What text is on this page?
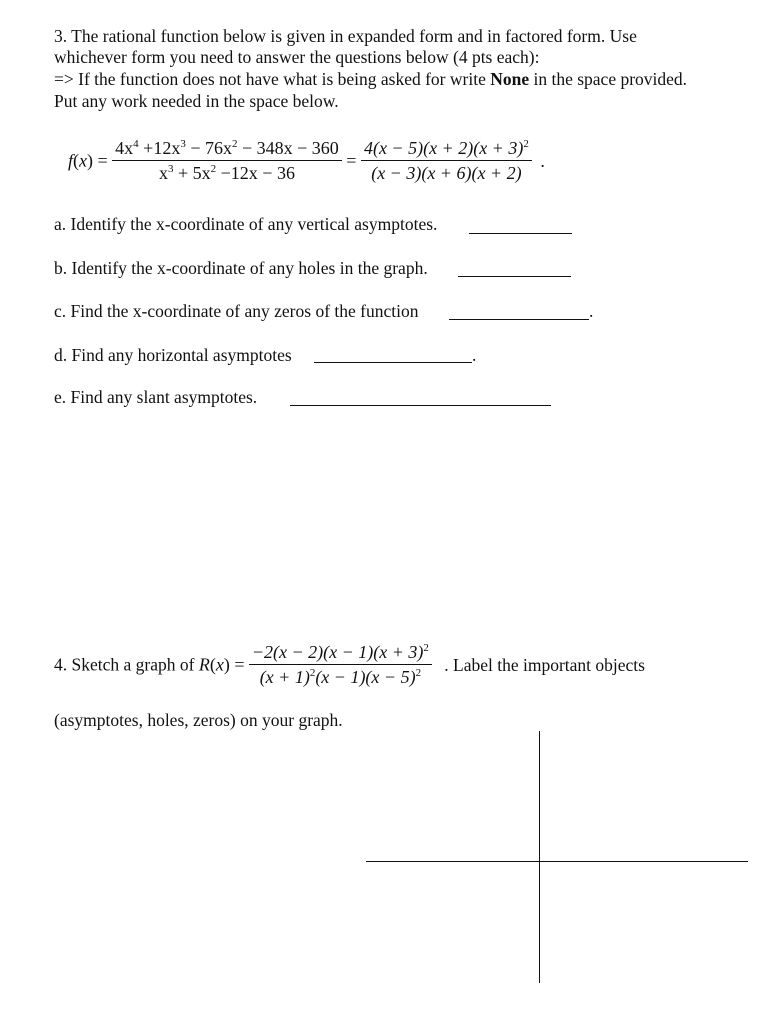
3. The rational function below is given in expanded form and in factored form. Use

whichever form you need to answer the questions below (4 pts each):

=> If the function does not have what is being asked for write None in the space provided.

Put any work needed in the space below.

$f(x) = \frac{4x^4 +12x^3 - 76x^2 - 348x - 360}{x^3 + 5x^2 -12x - 36} = \frac{4(x - 5)(x + 2)(x + 3)^2}{(x - 3)(x + 6)(x + 2)}$ .
a. Identify the x-coordinate of any vertical asymptotes.
b. Identify the x-coordinate of any holes in the graph.
c. Find the x-coordinate of any zeros of the function	.
d. Find any horizontal asymptotes	.
e. Find any slant asymptotes.
4. Sketch a graph of $R(x) = \frac{-2(x - 2)(x - 1)(x + 3)^2}{(x + 1)^2(x - 1)(x - 5)^2}$ . Label the important objects

(asymptotes, holes, zeros) on your graph.
